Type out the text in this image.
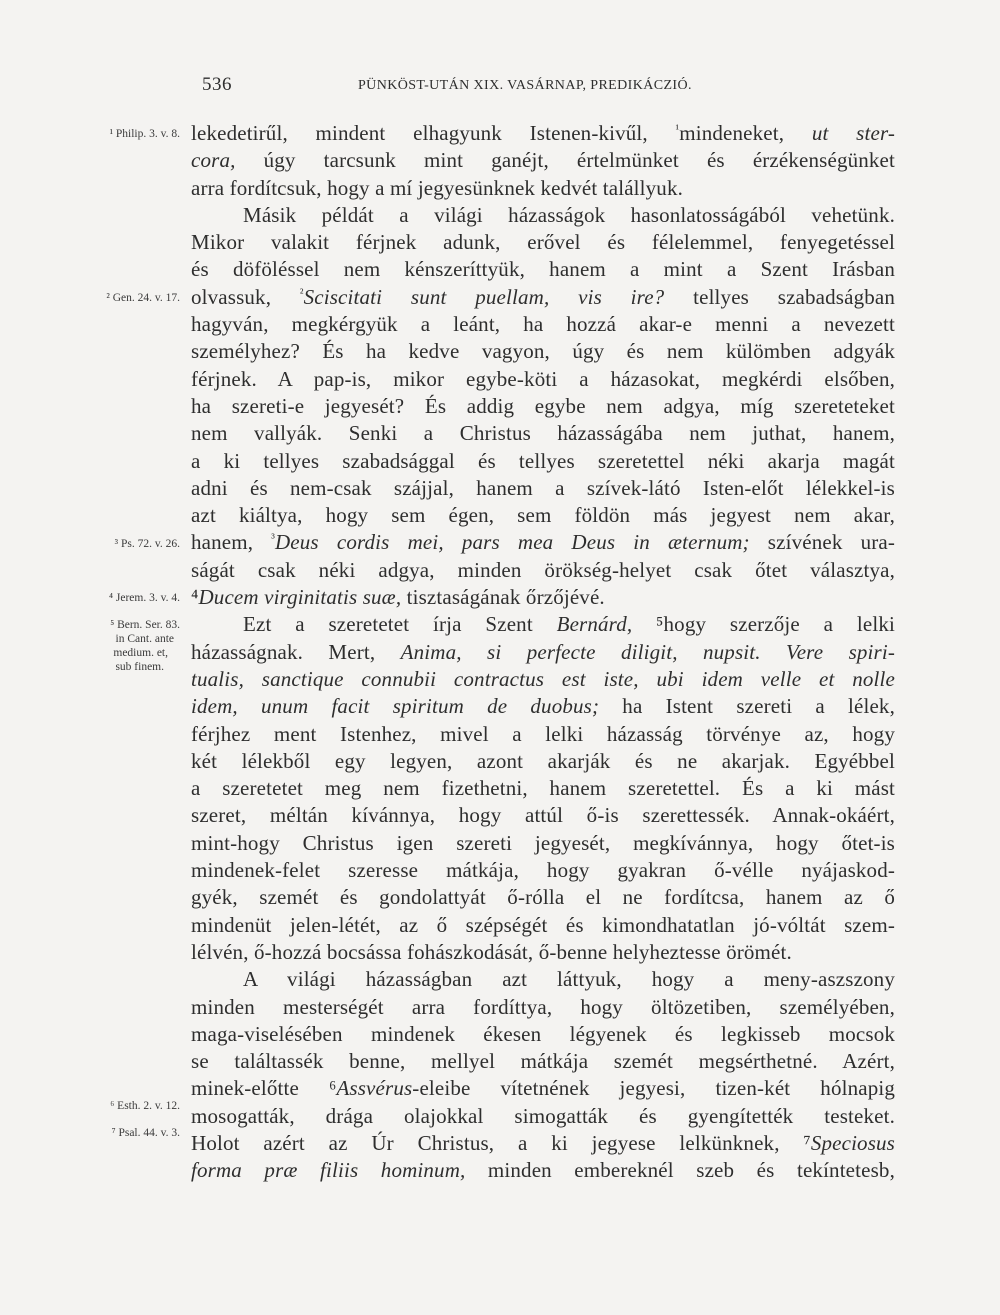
536	PÜNKÖST-UTÁN XIX. VASÁRNAP, PREDIKÁCZIÓ.
¹ Philip. 3. v. 8.
² Gen. 24. v. 17.
³ Ps. 72. v. 26.
⁴ Jerem. 3. v. 4.
⁵ Bern. Ser. 83.
in Cant. ante
medium. et,
sub finem.
⁶ Esth. 2. v. 12.
⁷ Psal. 44. v. 3.
lekedetirűl, mindent elhagyunk Istenen-kivűl, $^{^1}$mindeneket, ut ster-
cora, úgy tarcsunk mint ganéjt, értelmünket és érzékenségünket
arra fordítcsuk, hogy a mí jegyesünknek kedvét talállyuk.
Másik példát a világi házasságok hasonlatosságából vehetünk.
Mikor valakit férjnek adunk, erővel és félelemmel, fenyegetéssel
és döföléssel nem kénszeríttyük, hanem a mint a Szent Irásban
olvassuk, $^{^2}$Sciscitati sunt puellam, vis ire? tellyes szabadságban
hagyván, megkérgyük a leánt, ha hozzá akar-e menni a nevezett
személyhez? És ha kedve vagyon, úgy és nem külömben adgyák
férjnek. A pap-is, mikor egybe-köti a házasokat, megkérdi elsőben,
ha szereti-e jegyesét? És addig egybe nem adgya, míg szereteteket
nem vallyák. Senki a Christus házasságába nem juthat, hanem,
a ki tellyes szabadsággal és tellyes szeretettel néki akarja magát
adni és nem-csak szájjal, hanem a szívek-látó Isten-előt lélekkel-is
azt kiáltya, hogy sem égen, sem földön más jegyest nem akar,
hanem, $^{^3}$Deus cordis mei, pars mea Deus in æternum; szívének ura-
ságát csak néki adgya, minden örökség-helyet csak őtet választya,
⁴Ducem virginitatis suæ, tisztaságának őrzőjévé.
Ezt a szeretetet írja Szent Bernárd, ⁵hogy szerzője a lelki
házasságnak. Mert, Anima, si perfecte diligit, nupsit. Vere spiri-
tualis, sanctique connubii contractus est iste, ubi idem velle et nolle
idem, unum facit spiritum de duobus; ha Istent szereti a lélek,
férjhez ment Istenhez, mivel a lelki házasság törvénye az, hogy
két lélekből egy legyen, azont akarják és ne akarjak. Egyébbel
a szeretetet meg nem fizethetni, hanem szeretettel. És a ki mást
szeret, méltán kívánnya, hogy attúl ő-is szerettessék. Annak-okáért,
mint-hogy Christus igen szereti jegyesét, megkívánnya, hogy őtet-is
mindenek-felet szeresse mátkája, hogy gyakran ő-vélle nyájaskod-
gyék, szemét és gondolattyát ő-rólla el ne fordítcsa, hanem az ő
mindenüt jelen-létét, az ő szépségét és kimondhatatlan jó-vóltát szem-
lélvén, ő-hozzá bocsássa fohászkodását, ő-benne helyheztesse örömét.
A világi házasságban azt láttyuk, hogy a meny-aszszony
minden mesterségét arra fordíttya, hogy öltözetiben, személyében,
maga-viselésében mindenek ékesen légyenek és legkisseb mocsok
se találtassék benne, mellyel mátkája szemét megsérthetné. Azért,
minek-előtte ⁶Assvérus-eleibe vítetnének jegyesi, tizen-két hólnapig
mosogatták, drága olajokkal simogatták és gyengítették testeket.
Holot azért az Úr Christus, a ki jegyese lelkünknek, ⁷Speciosus
forma præ filiis hominum, minden embereknél szeb és tekíntetesb,
